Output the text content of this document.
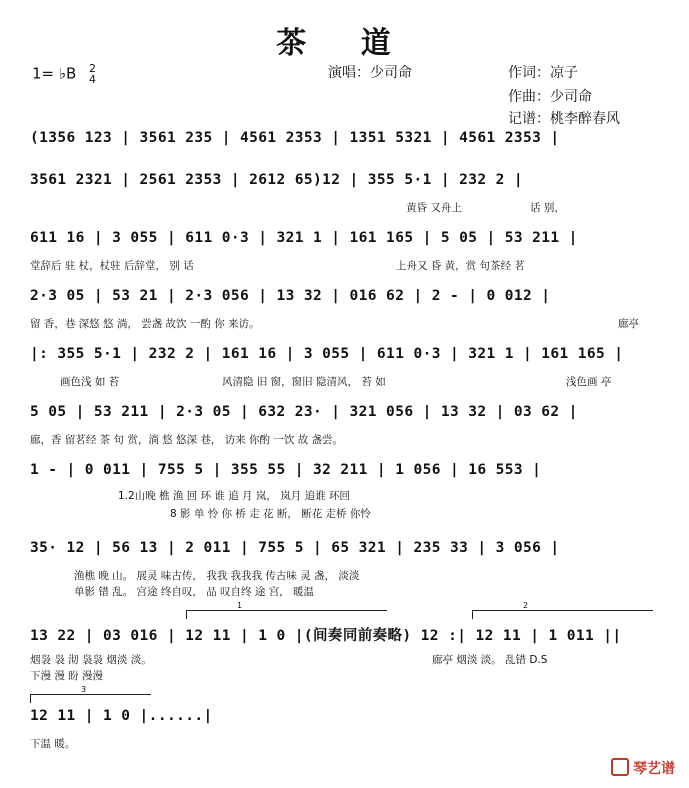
茶 道
1= ♭B 2
4	演唱：少司命	作词：凉子
作曲：少司命
记谱：桃李醉春风
(1356 123 | 3561 235 | 4561 2353 | 1351 5321 | 4561 2353 |
3561 2321 | 2561 2353 | 2612 65)12 | 355 5·1 | 232 2 |
黄昏 又舟上	话 别，
611 16 | 3 055 | 611 0·3 | 321 1 | 161 165 | 5 05 | 53 211 |
堂辞后 驻 杖，杖驻 后辞堂， 别 话	上舟又 昏 黄，赏 句茶经 茗
2·3 05 | 53 21 | 2·3 056 | 13 32 | 016 62 | 2 - | 0 012 |
留 香，巷 深悠 悠 淌， 尝盏 故饮 一酌 你 来访。	廊亭
|: 355 5·1 | 232 2 | 161 16 | 3 055 | 611 0·3 | 321 1 | 161 165 |
画色浅 如 苔	风清隐 旧 窗，窗旧 隐清风， 苔 如	浅色画 亭
5 05 | 53 211 | 2·3 05 | 632 23· | 321 056 | 13 32 | 03 62 |
廊，香 留茗经 茶 句 赏，淌 悠 悠深 巷， 访来 你酌 一饮 故 盏尝。
1 - | 0 011 | 755 5 | 355 55 | 32 211 | 1 056 | 16 553 |
1.2山晚 樵 渔 回 环 谁 追 月 岚， 岚月 追谁 环回
8 影 单 怜 你 桥 走 花 断， 断花 走桥 你怜
35· 12 | 56 13 | 2 011 | 755 5 | 65 321 | 235 33 | 3 056 |
渔樵 晚 山。 展灵 味古传， 我我 我我我 传古味 灵 盏， 淡淡
单影 错 乱。 宫途 终自叹， 品 叹自终 途 宫， 暖温
1	2
13 22 | 03 016 | 12 11 | 1 0 |(间奏同前奏略) 12 :| 12 11 | 1 011 ||
烟袅 袅 沏 袅袅 烟淡 淡。	廊亭 烟淡 淡。 乱错 D.S
下漫 漫 盼 漫漫
3
12 11 | 1 0 |......|
下温 暖。
琴艺谱
